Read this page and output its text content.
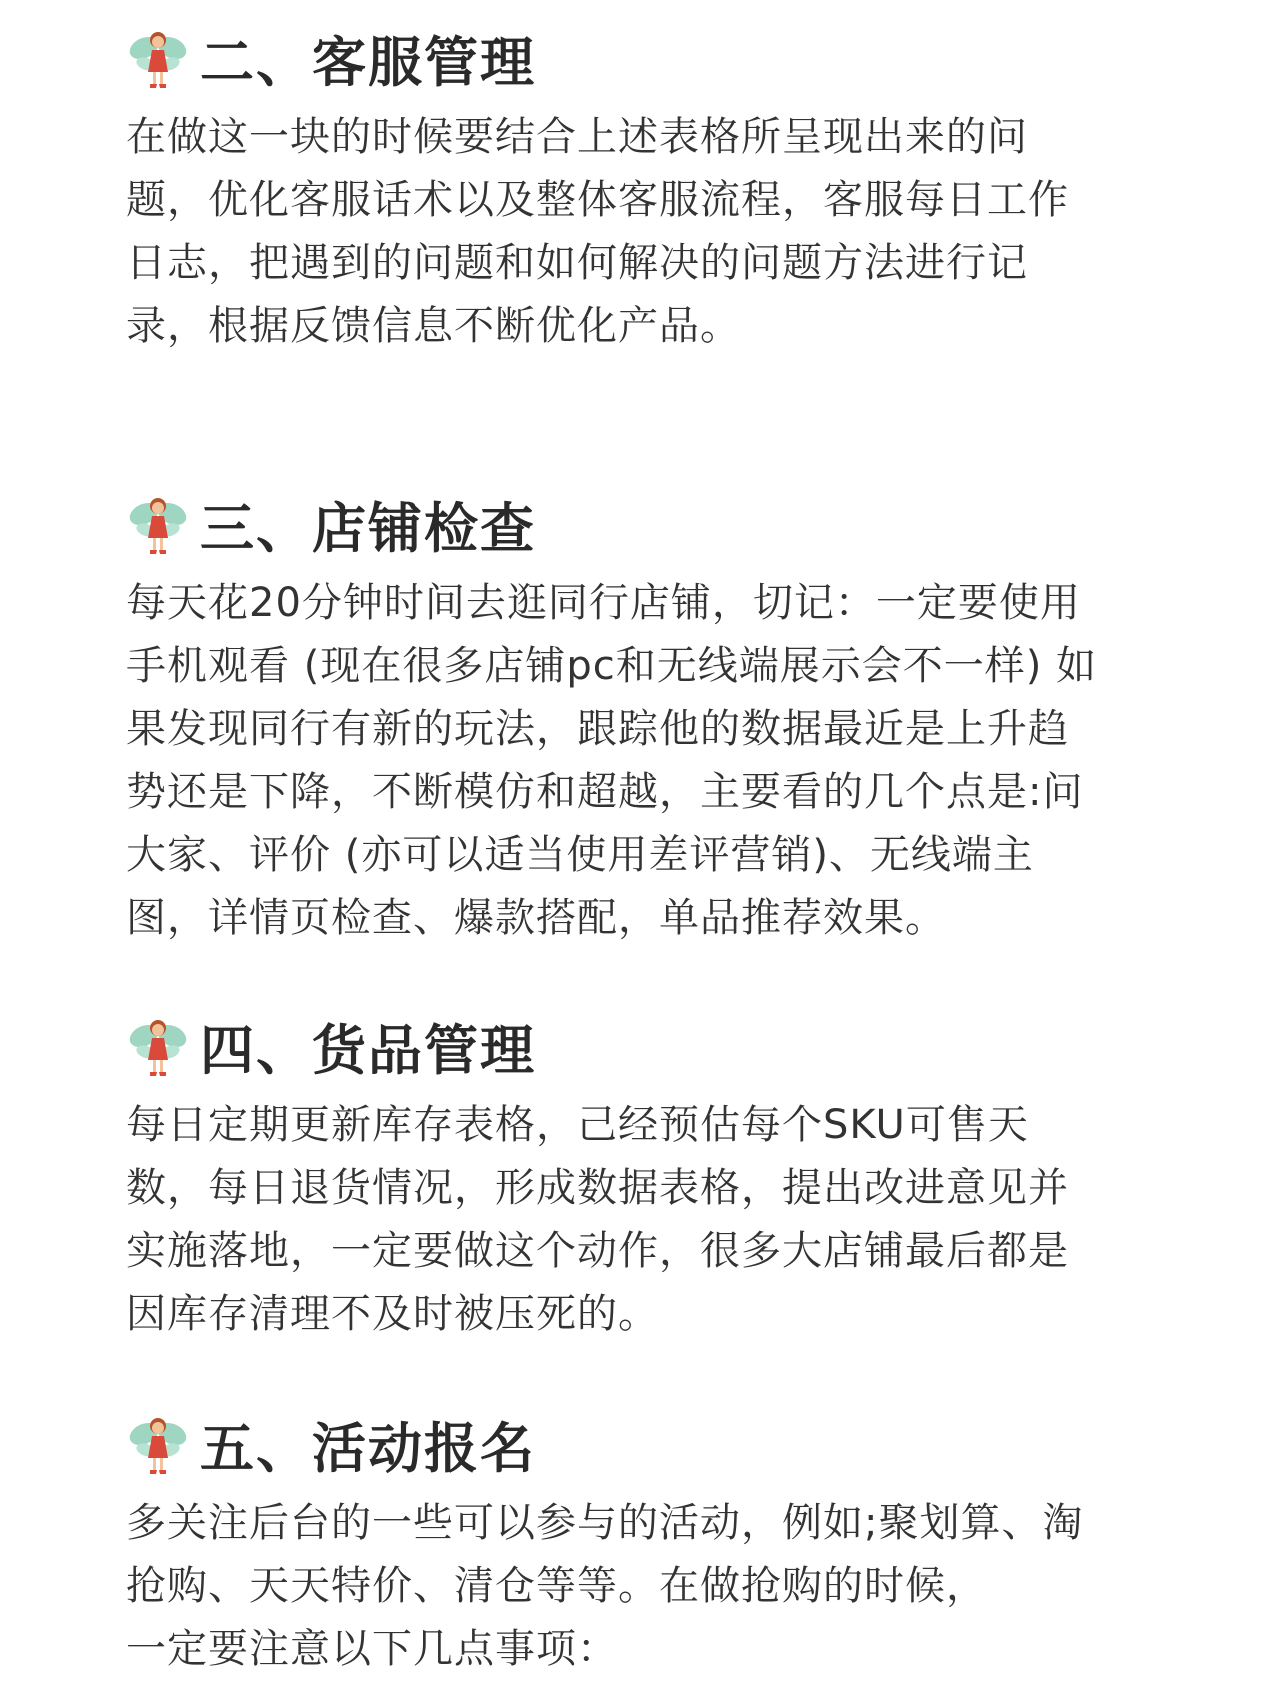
二、客服管理
在做这一块的时候要结合上述表格所呈现出来的问
题，优化客服话术以及整体客服流程，客服每日工作
日志，把遇到的问题和如何解决的问题方法进行记
录，根据反馈信息不断优化产品。
三、店铺检查
每天花20分钟时间去逛同行店铺，切记：一定要使用
手机观看 (现在很多店铺pc和无线端展示会不一样) 如
果发现同行有新的玩法，跟踪他的数据最近是上升趋
势还是下降，不断模仿和超越，主要看的几个点是:问
大家、评价 (亦可以适当使用差评营销)、无线端主
图，详情页检查、爆款搭配，单品推荐效果。
四、货品管理
每日定期更新库存表格，己经预估每个SKU可售天
数，每日退货情况，形成数据表格，提出改进意见并
实施落地，一定要做这个动作，很多大店铺最后都是
因库存清理不及时被压死的。
五、活动报名
多关注后台的一些可以参与的活动，例如;聚划算、淘
抢购、天天特价、清仓等等。在做抢购的时候，
一定要注意以下几点事项：
